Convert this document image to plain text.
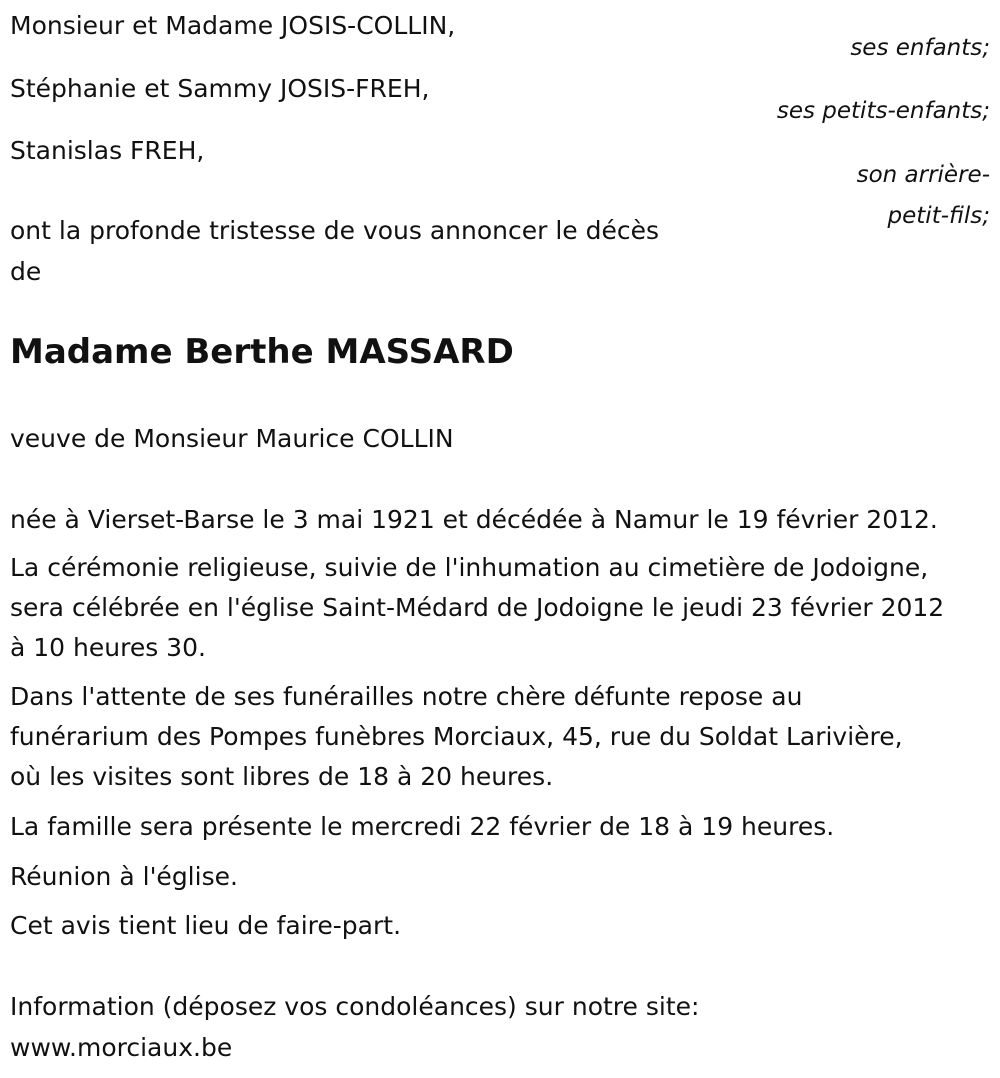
Monsieur et Madame JOSIS-COLLIN,
ses enfants;
Stéphanie et Sammy JOSIS-FREH,
ses petits-enfants;
Stanislas FREH,
son arrière-
petit-fils;
ont la profonde tristesse de vous annoncer le décès
de
Madame Berthe MASSARD
veuve de Monsieur Maurice COLLIN
née à Vierset-Barse le 3 mai 1921 et décédée à Namur le 19 février 2012.
La cérémonie religieuse, suivie de l'inhumation au cimetière de Jodoigne,
sera célébrée en l'église Saint-Médard de Jodoigne le jeudi 23 février 2012
à 10 heures 30.
Dans l'attente de ses funérailles notre chère défunte repose au
funérarium des Pompes funèbres Morciaux, 45, rue du Soldat Larivière,
où les visites sont libres de 18 à 20 heures.
La famille sera présente le mercredi 22 février de 18 à 19 heures.
Réunion à l'église.
Cet avis tient lieu de faire-part.
Information (déposez vos condoléances) sur notre site:
www.morciaux.be
